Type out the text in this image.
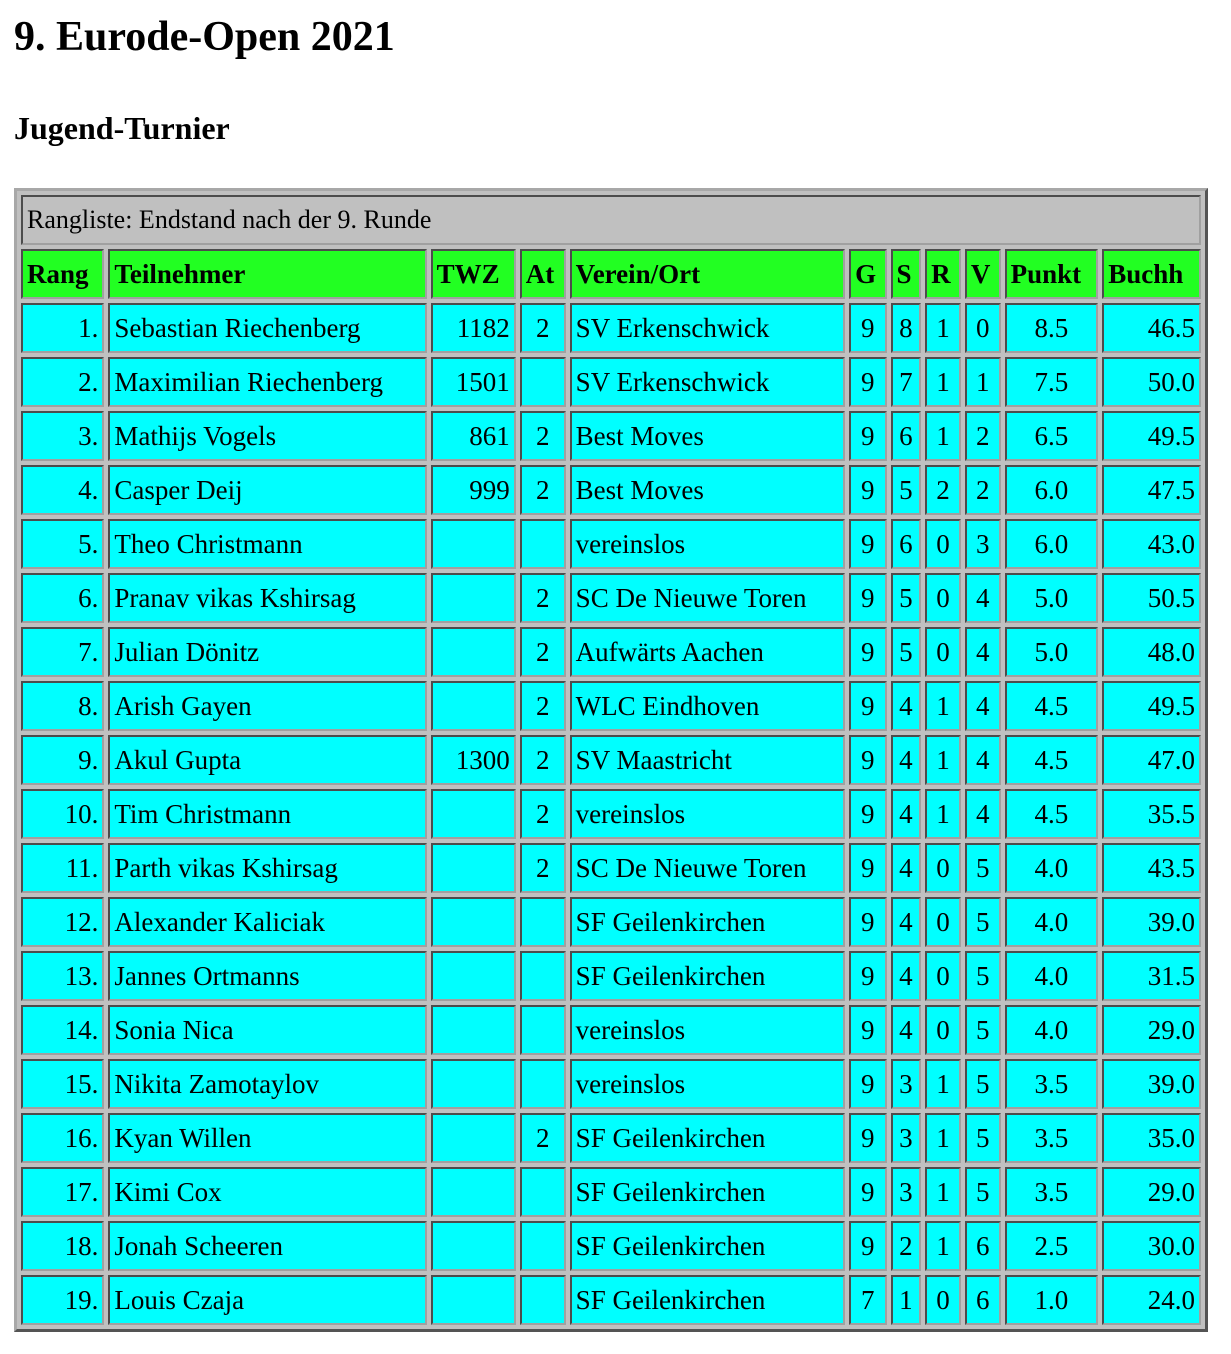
9. Eurode-Open 2021
Jugend-Turnier
Rangliste: Endstand nach der 9. Runde										
Rang	Teilnehmer	TWZ	At	Verein/Ort	G	S	R	V	Punkt	Buchh
1.	Sebastian Riechenberg	1182	2	SV Erkenschwick	9	8	1	0	8.5	46.5
2.	Maximilian Riechenberg	1501		SV Erkenschwick	9	7	1	1	7.5	50.0
3.	Mathijs Vogels	861	2	Best Moves	9	6	1	2	6.5	49.5
4.	Casper Deij	999	2	Best Moves	9	5	2	2	6.0	47.5
5.	Theo Christmann			vereinslos	9	6	0	3	6.0	43.0
6.	Pranav vikas Kshirsag		2	SC De Nieuwe Toren	9	5	0	4	5.0	50.5
7.	Julian Dönitz		2	Aufwärts Aachen	9	5	0	4	5.0	48.0
8.	Arish Gayen		2	WLC Eindhoven	9	4	1	4	4.5	49.5
9.	Akul Gupta	1300	2	SV Maastricht	9	4	1	4	4.5	47.0
10.	Tim Christmann		2	vereinslos	9	4	1	4	4.5	35.5
11.	Parth vikas Kshirsag		2	SC De Nieuwe Toren	9	4	0	5	4.0	43.5
12.	Alexander Kaliciak			SF Geilenkirchen	9	4	0	5	4.0	39.0
13.	Jannes Ortmanns			SF Geilenkirchen	9	4	0	5	4.0	31.5
14.	Sonia Nica			vereinslos	9	4	0	5	4.0	29.0
15.	Nikita Zamotaylov			vereinslos	9	3	1	5	3.5	39.0
16.	Kyan Willen		2	SF Geilenkirchen	9	3	1	5	3.5	35.0
17.	Kimi Cox			SF Geilenkirchen	9	3	1	5	3.5	29.0
18.	Jonah Scheeren			SF Geilenkirchen	9	2	1	6	2.5	30.0
19.	Louis Czaja			SF Geilenkirchen	7	1	0	6	1.0	24.0
